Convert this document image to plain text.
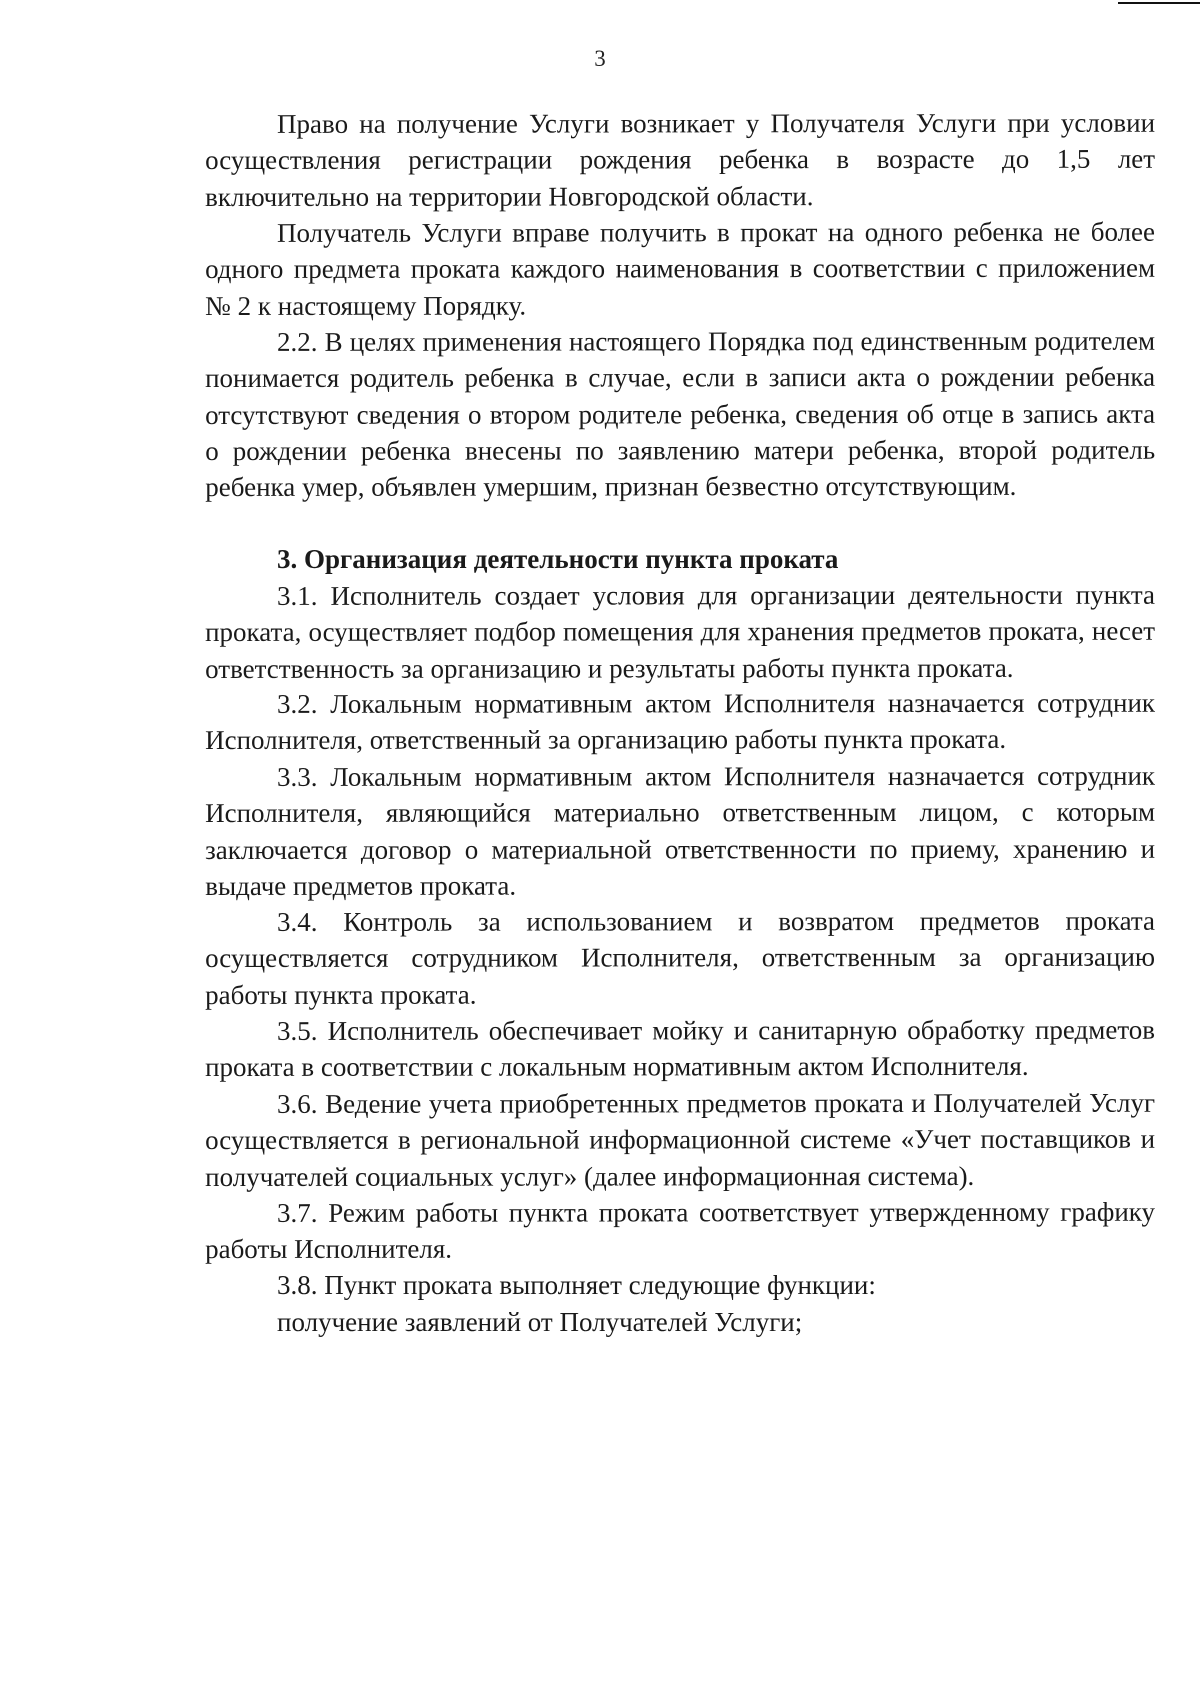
3

Право на получение Услуги возникает у Получателя Услуги при условии осуществления регистрации рождения ребенка в возрасте до 1,5 лет включительно на территории Новгородской области.

Получатель Услуги вправе получить в прокат на одного ребенка не более одного предмета проката каждого наименования в соответствии с приложением № 2 к настоящему Порядку.

2.2. В целях применения настоящего Порядка под единственным родителем понимается родитель ребенка в случае, если в записи акта о рождении ребенка отсутствуют сведения о втором родителе ребенка, сведения об отце в запись акта о рождении ребенка внесены по заявлению матери ребенка, второй родитель ребенка умер, объявлен умершим, признан безвестно отсутствующим.

3. Организация деятельности пункта проката

3.1. Исполнитель создает условия для организации деятельности пункта проката, осуществляет подбор помещения для хранения предметов проката, несет ответственность за организацию и результаты работы пункта проката.

3.2. Локальным нормативным актом Исполнителя назначается сотрудник Исполнителя, ответственный за организацию работы пункта проката.

3.3. Локальным нормативным актом Исполнителя назначается сотрудник Исполнителя, являющийся материально ответственным лицом, с которым заключается договор о материальной ответственности по приему, хранению и выдаче предметов проката.

3.4. Контроль за использованием и возвратом предметов проката осуществляется сотрудником Исполнителя, ответственным за организацию работы пункта проката.

3.5. Исполнитель обеспечивает мойку и санитарную обработку предметов проката в соответствии с локальным нормативным актом Исполнителя.

3.6. Ведение учета приобретенных предметов проката и Получателей Услуг осуществляется в региональной информационной системе «Учет поставщиков и получателей социальных услуг» (далее информационная система).

3.7. Режим работы пункта проката соответствует утвержденному графику работы Исполнителя.

3.8. Пункт проката выполняет следующие функции:

получение заявлений от Получателей Услуги;
